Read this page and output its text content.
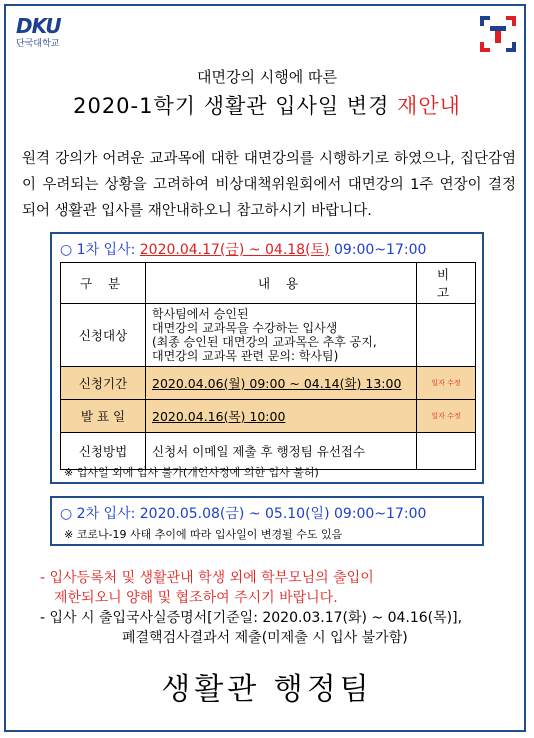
DKU
단국대학교
대면강의 시행에 따른
2020-1학기 생활관 입사일 변경 재안내
원격 강의가 어려운 교과목에 대한 대면강의를 시행하기로 하였으나, 집단감염이 우려되는 상황을 고려하여 비상대책위원회에서 대면강의 1주 연장이 결정되어 생활관 입사를 재안내하오니 참고하시기 바랍니다.
○ 1차 입사: 2020.04.17(금) ~ 04.18(토) 09:00~17:00
구 분	내 용	비 고
신청대상	학사팀에서 승인된
대면강의 교과목을 수강하는 입사생
(최종 승인된 대면강의 교과목은 추후 공지,
대면강의 교과목 관련 문의: 학사팀)	

신청기간	2020.04.06(월) 09:00 ~ 04.14(화) 13:00	일자 수정
발 표 일	2020.04.16(목) 10:00	일자 수정
신청방법	신청서 이메일 제출 후 행정팀 유선접수	
※ 입사일 외에 입사 불가(개인사정에 의한 입사 불허)
○ 2차 입사: 2020.05.08(금) ~ 05.10(일) 09:00~17:00
※ 코로나-19 사태 추이에 따라 입사일이 변경될 수도 있음
- 입사등록처 및 생활관내 학생 외에 학부모님의 출입이
제한되오니 양해 및 협조하여 주시기 바랍니다.
- 입사 시 출입국사실증명서[기준일: 2020.03.17(화) ~ 04.16(목)],
폐결핵검사결과서 제출(미제출 시 입사 불가함)
생활관 행정팀
